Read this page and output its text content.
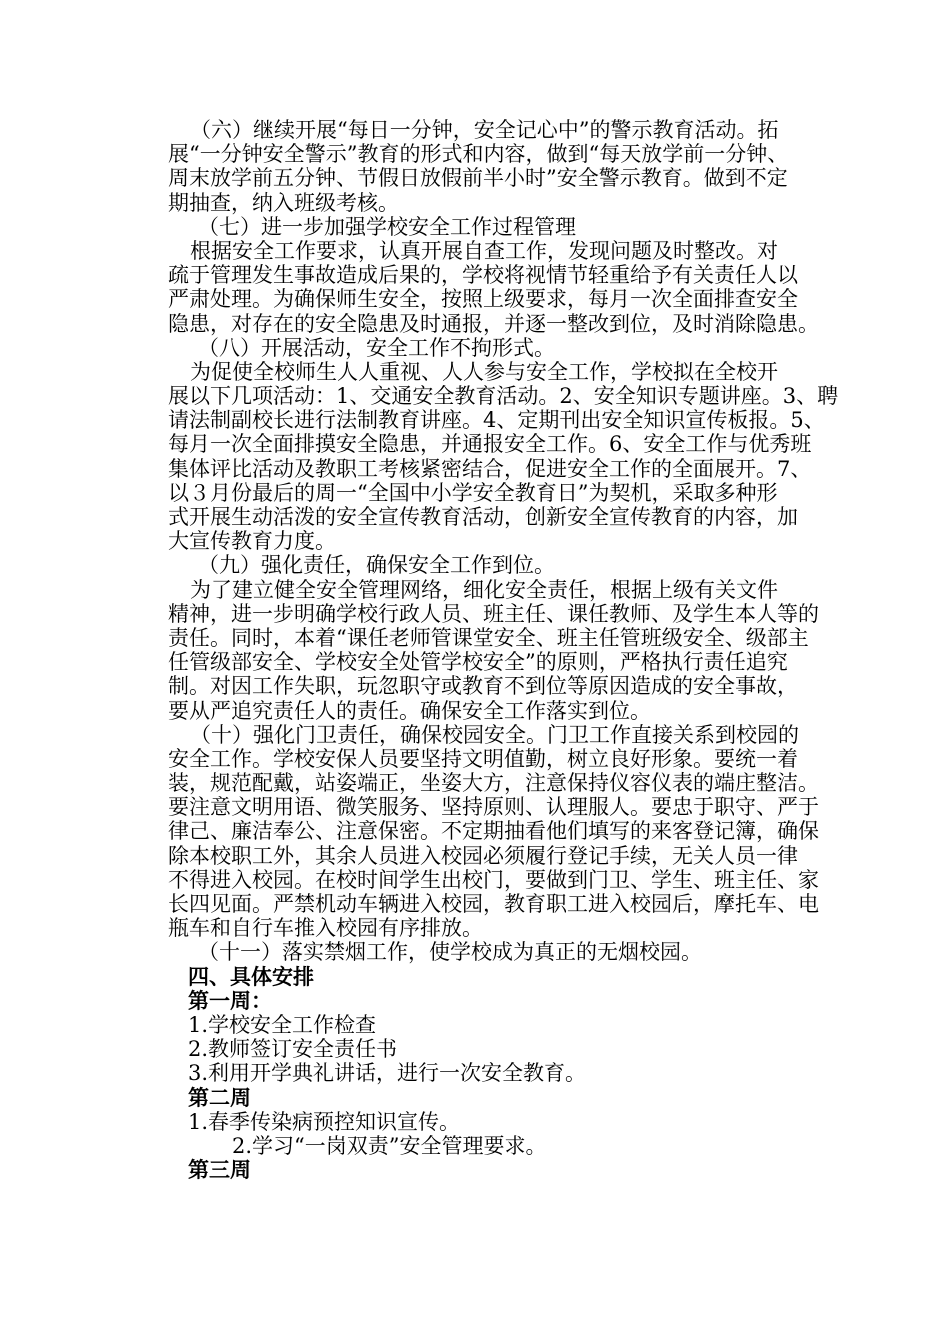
（六）继续开展“每日一分钟，安全记心中”的警示教育活动。拓
展“一分钟安全警示”教育的形式和内容，做到“每天放学前一分钟、
周末放学前五分钟、节假日放假前半小时”安全警示教育。做到不定
期抽查，纳入班级考核。
（七）进一步加强学校安全工作过程管理
根据安全工作要求，认真开展自查工作，发现问题及时整改。对
疏于管理发生事故造成后果的，学校将视情节轻重给予有关责任人以
严肃处理。为确保师生安全，按照上级要求，每月一次全面排查安全
隐患，对存在的安全隐患及时通报，并逐一整改到位，及时消除隐患。
（八）开展活动，安全工作不拘形式。
为促使全校师生人人重视、人人参与安全工作，学校拟在全校开
展以下几项活动：1、交通安全教育活动。2、安全知识专题讲座。3、聘
请法制副校长进行法制教育讲座。4、定期刊出安全知识宣传板报。5、
每月一次全面排摸安全隐患，并通报安全工作。6、安全工作与优秀班
集体评比活动及教职工考核紧密结合，促进安全工作的全面展开。7、
以３月份最后的周一“全国中小学安全教育日”为契机，采取多种形
式开展生动活泼的安全宣传教育活动，创新安全宣传教育的内容，加
大宣传教育力度。
（九）强化责任，确保安全工作到位。
为了建立健全安全管理网络，细化安全责任，根据上级有关文件
精神，进一步明确学校行政人员、班主任、课任教师、及学生本人等的
责任。同时，本着“课任老师管课堂安全、班主任管班级安全、级部主
任管级部安全、学校安全处管学校安全”的原则，严格执行责任追究
制。对因工作失职，玩忽职守或教育不到位等原因造成的安全事故，
要从严追究责任人的责任。确保安全工作落实到位。
（十）强化门卫责任，确保校园安全。门卫工作直接关系到校园的
安全工作。学校安保人员要坚持文明值勤，树立良好形象。要统一着
装，规范配戴，站姿端正，坐姿大方，注意保持仪容仪表的端庄整洁。
要注意文明用语、微笑服务、坚持原则、认理服人。要忠于职守、严于
律己、廉洁奉公、注意保密。不定期抽看他们填写的来客登记簿，确保
除本校职工外，其余人员进入校园必须履行登记手续，无关人员一律
不得进入校园。在校时间学生出校门，要做到门卫、学生、班主任、家
长四见面。严禁机动车辆进入校园，教育职工进入校园后，摩托车、电
瓶车和自行车推入校园有序排放。
（十一）落实禁烟工作，使学校成为真正的无烟校园。
四、具体安排
第一周：
1.学校安全工作检查
2.教师签订安全责任书
3.利用开学典礼讲话，进行一次安全教育。
第二周
1.春季传染病预控知识宣传。
2.学习“一岗双责”安全管理要求。
第三周
